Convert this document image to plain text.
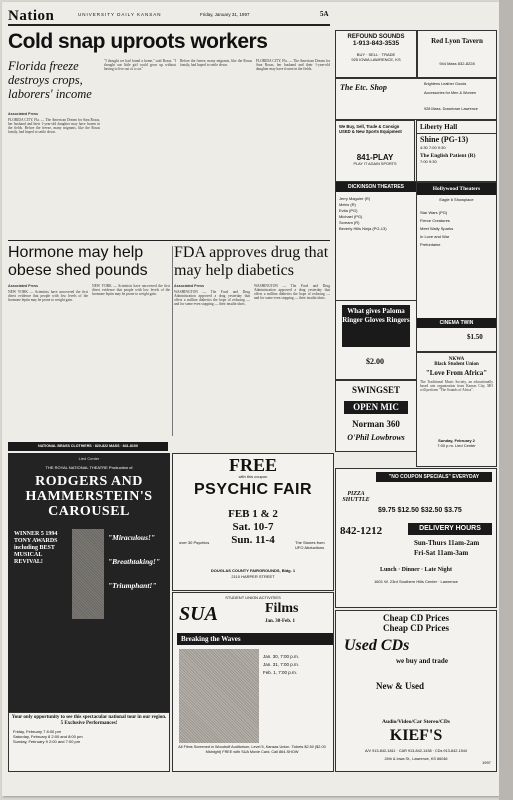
Nation	UNIVERSITY DAILY KANSAN	Friday, January 31, 1997	5A
Cold snap uproots workers
Florida freeze destroys crops, laborers' income
Associated Press
FLORIDA CITY, Fla. — The American Dream for Sara Rosas, her husband and their 1-year-old daughter may have frozen in the fields. Before the freeze, many migrants, like the Rosas family, had hoped to settle down.
"I thought we had found a home," said Rosas. "I thought our little girl could grow up without having to live out of a car."
Before the freeze, many migrants, like the Rosas family, had hoped to settle down.
FLORIDA CITY, Fla. — The American Dream for Sara Rosas, her husband and their 1-year-old daughter may have frozen in the fields.
Hormone may help obese shed pounds
Associated Press
NEW YORK — Scientists have uncovered the first direct evidence that people with low levels of the hormone leptin may be prone to weight gain.
NEW YORK — Scientists have uncovered the first direct evidence that people with low levels of the hormone leptin may be prone to weight gain.
FDA approves drug that may help diabetics
Associated Press
WASHINGTON — The Food and Drug Administration approved a drug yesterday that offers a million diabetics the hope of reducing — and for some even stopping — their insulin shots.
WASHINGTON — The Food and Drug Administration approved a drug yesterday that offers a million diabetics the hope of reducing — and for some even stopping — their insulin shots.
REFOUND SOUNDS
1-913-843-3535
BUY · SELL · TRADE
925 IOWA LAWRENCE, KS
Red Lyon Tavern
944 Mass 832-8228
The Etc. Shop	Brightens Leather Goods
Accessories for Men & Women
928 Mass. Downtown Lawrence
We Buy, Sell, Trade & Consign USED & New Sports Equipment
841-PLAY
PLAY IT AGAIN SPORTS
Liberty Hall
Shine (PG-13)
4:30 7:00 9:30
The English Patient (R)
7:00 9:30
DICKINSON THEATRES
Jerry Maguire (R)
Metro (R)
Evita (PG)
Michael (PG)
Scream (R)
Beverly Hills Ninja (PG-13)
Hollywood Theaters
Eagle 6 Showplace
Star Wars (PG)
Fierce Creatures
Meet Wally Sparks
In Love and War
Prefontaine
CINEMA TWIN
$1.50
What gives Paloma Ringer Gloves Ringers
$2.00
SWINGSET
OPEN MIC
Norman 360
O'Phil Lowbrows
NKWA
Black Student Union
"Love From Africa"
The Traditional Music Society, an educationally based arts organization from Kansas City, MO will perform "The Sounds of Africa".
Sunday, February 2
7:00 p.m. Lied Center
NATIONAL BRASS CLOTHIERS · 820-822 MASS · 841-8100
Lied Center
THE ROYAL NATIONAL THEATRE Production of
RODGERS AND HAMMERSTEIN'S CAROUSEL
WINNER 5 1994 TONY AWARDS including BEST MUSICAL REVIVAL!
"Miraculous!"
"Breathtaking!"
"Triumphant!"
Your only opportunity to see this spectacular national tour in our region. 5 Exclusive Performances!
Friday, February 7 8:00 pm
Saturday, February 8 2:00 and 8:00 pm
Sunday, February 9 2:00 and 7:00 pm
FREE
with this coupon
PSYCHIC FAIR
FEB 1 & 2
Sat. 10-7
Sun. 11-4
over 30 Psychics	The Stones from UFO Abductions
DOUGLAS COUNTY FAIRGROUNDS, Bldg. 1
2110 HARPER STREET
"NO COUPON SPECIALS" EVERYDAY
PIZZA SHUTTLE
$9.75 $12.50 $32.50 $3.75
842-1212	DELIVERY HOURS
Sun-Thurs 11am-2am
Fri-Sat 11am-3am
Lunch · Dinner · Late Night
1601 W. 23rd Southern Hills Center · Lawrence
STUDENT UNION ACTIVITIES
SUA	Films
Jan. 30-Feb. 1
Breaking the Waves
Jan. 30, 7:00 p.m.
Jan. 31, 7:00 p.m.
Feb. 1, 7:00 p.m.
All Films Screened in Woodruff Auditorium, Level 5, Kansas Union. Tickets $2.50 ($2.00 Midnight) FREE with SUA Movie Card. Call 864-SHOW
Cheap CD Prices
Cheap CD Prices
Used CDs
we buy and trade
New & Used
Audio/Video/Car Stereo/CDs
KIEF'S
A/V 913-842-1811 · CAR 913-842-1438 · CDs 913-842-1544
24th & Iowa St., Lawrence, KS 66046
1997
